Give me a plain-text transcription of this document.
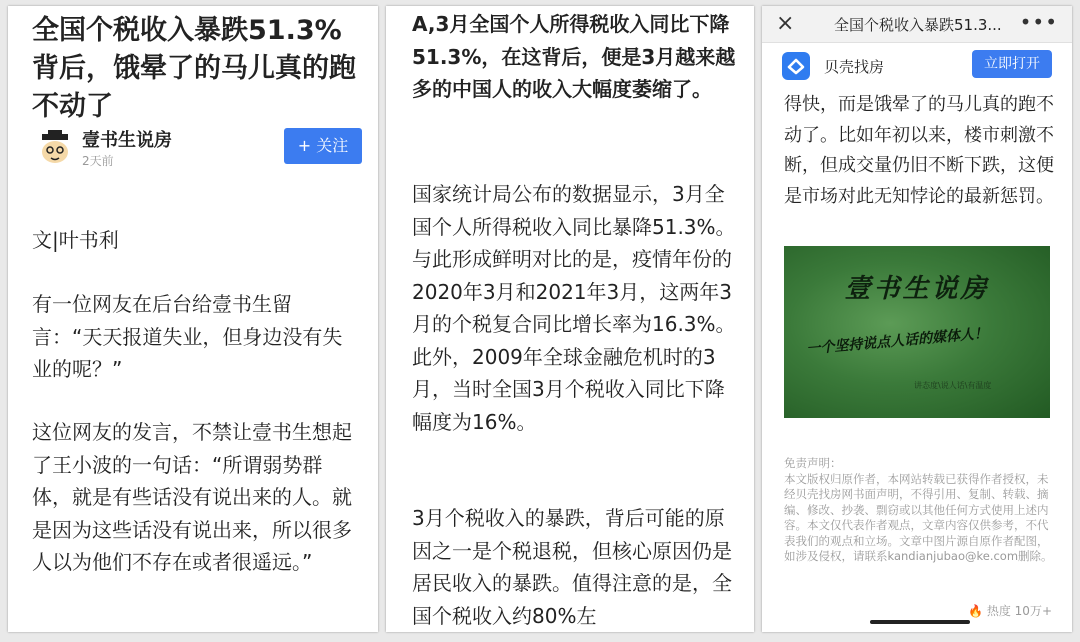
全国个税收入暴跌51.3%背后，饿晕了的马儿真的跑不动了
壹书生说房
2天前
+ 关注
文|叶书利
有一位网友在后台给壹书生留言：“天天报道失业，但身边没有失业的呢？”
这位网友的发言，不禁让壹书生想起了王小波的一句话：“所谓弱势群体，就是有些话没有说出来的人。就是因为这些话没有说出来，所以很多人以为他们不存在或者很遥远。”
A,3月全国个人所得税收入同比下降51.3%，在这背后，便是3月越来越多的中国人的收入大幅度萎缩了。
国家统计局公布的数据显示，3月全国个人所得税收入同比暴降51.3%。与此形成鲜明对比的是，疫情年份的2020年3月和2021年3月，这两年3月的个税复合同比增长率为16.3%。此外，2009年全球金融危机时的3月，当时全国3月个税收入同比下降幅度为16%。
3月个税收入的暴跌，背后可能的原因之一是个税退税，但核心原因仍是居民收入的暴跌。值得注意的是，全国个税收入约80%左
×	全国个税收入暴跌51.3... •••
贝壳找房	立即打开
得快，而是饿晕了的马儿真的跑不动了。比如年初以来，楼市刺激不断，但成交量仍旧不断下跌，这便是市场对此无知悖论的最新惩罚。
壹书生说房
一个坚持说点人话的媒体人！
讲态度\说人话\有温度
免责声明：
本文版权归原作者，本网站转载已获得作者授权，未经贝壳找房网书面声明，不得引用、复制、转载、摘编、修改、抄袭、剽窃或以其他任何方式使用上述内容。本文仅代表作者观点，文章内容仅供参考，不代表我们的观点和立场。文章中图片源自原作者配图，如涉及侵权，请联系kandianjubao@ke.com删除。
🔥 热度 10万+
